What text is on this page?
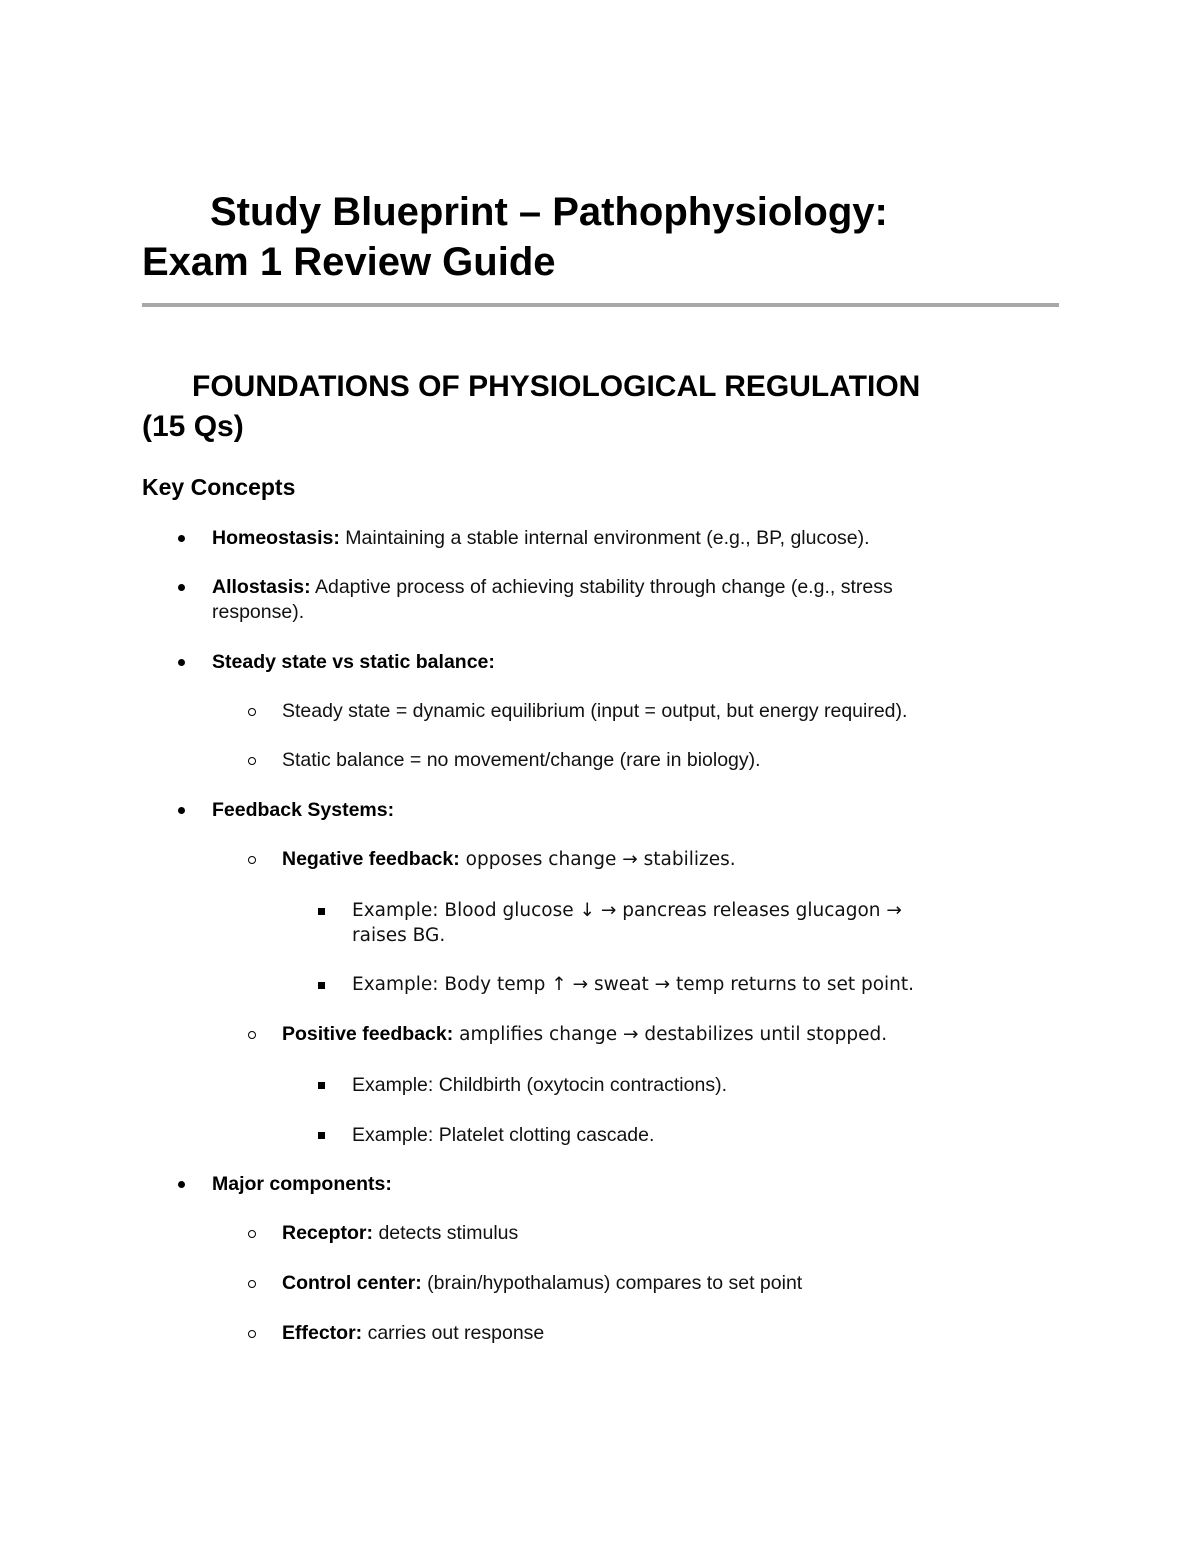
Study Blueprint – Pathophysiology:
Exam 1 Review Guide
FOUNDATIONS OF PHYSIOLOGICAL REGULATION
(15 Qs)
Key Concepts
Homeostasis: Maintaining a stable internal environment (e.g., BP, glucose).
Allostasis: Adaptive process of achieving stability through change (e.g., stress
response).
Steady state vs static balance:
Steady state = dynamic equilibrium (input = output, but energy required).
Static balance = no movement/change (rare in biology).
Feedback Systems:
Negative feedback: opposes change → stabilizes.
Example: Blood glucose ↓ → pancreas releases glucagon →
raises BG.
Example: Body temp ↑ → sweat → temp returns to set point.
Positive feedback: amplifies change → destabilizes until stopped.
Example: Childbirth (oxytocin contractions).
Example: Platelet clotting cascade.
Major components:
Receptor: detects stimulus
Control center: (brain/hypothalamus) compares to set point
Effector: carries out response
